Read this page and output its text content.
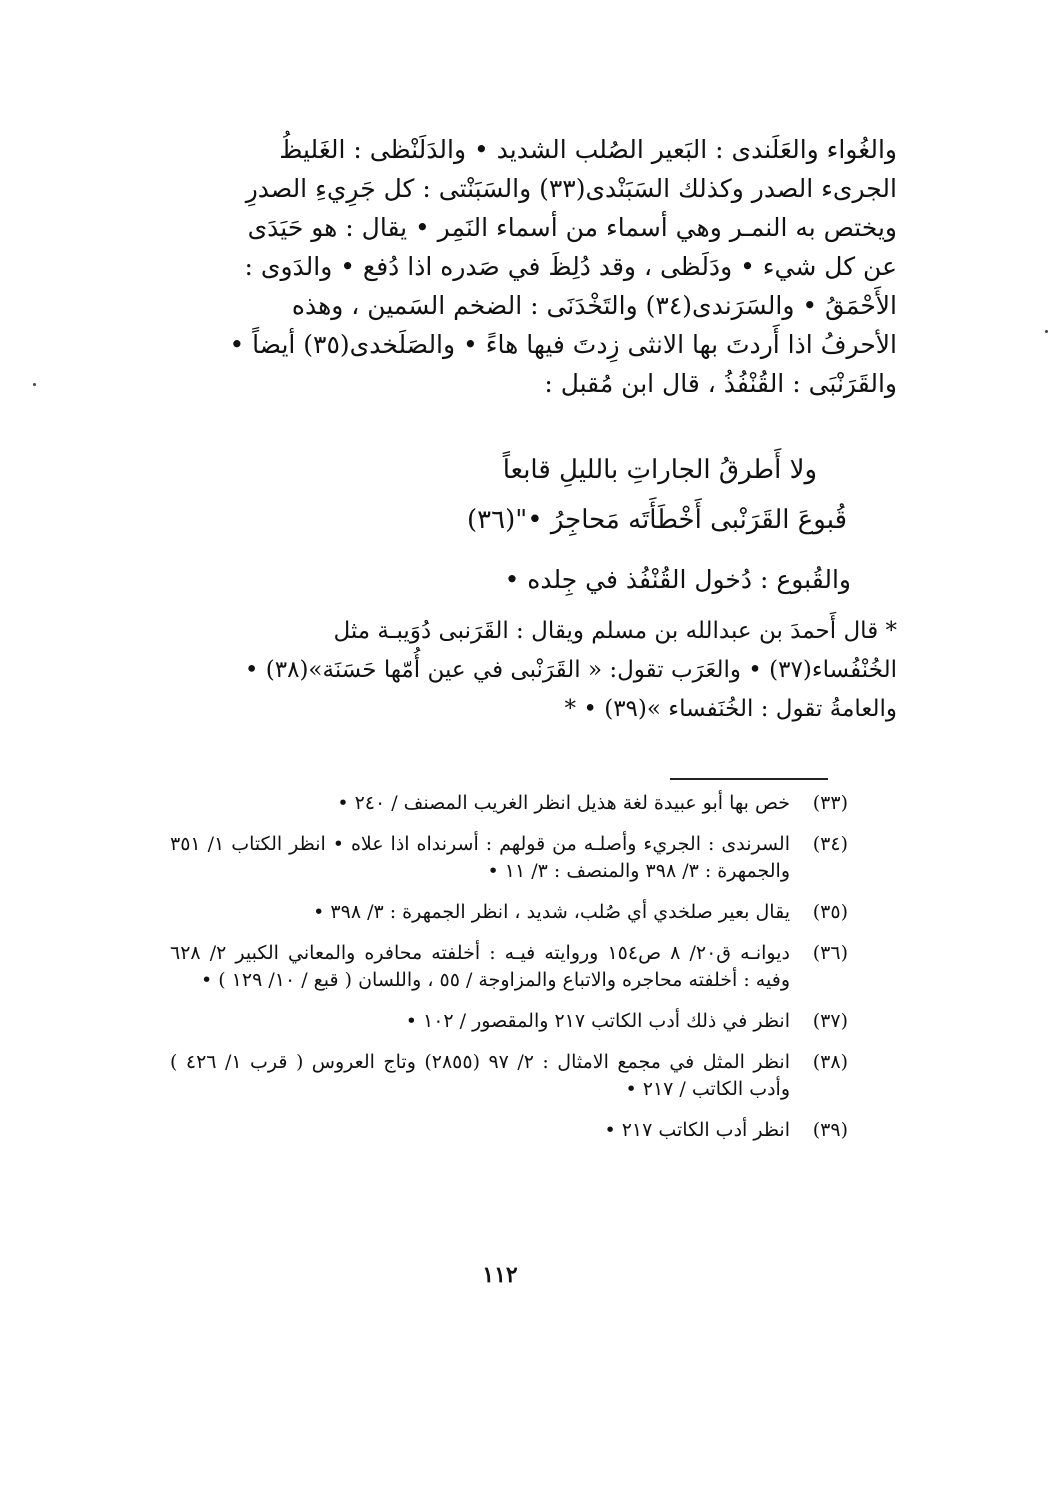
والغُواء والعَلَندى : البَعير الصُلب الشديد • والدَلَنْظى : الغَليظُ

الجرىء الصدر وكذلك السَبَنْدى(٣٣) والسَبَنْتى : كل جَرِيءِ الصدرِ

ويختص به النمـر وهي أسماء من أسماء النَمِر • يقال : هو حَيَدَى

عن كل شيء • ودَلَظى ، وقد دُلِظَ في صَدره اذا دُفع • والدَوى :

الأَحْمَقُ • والسَرَندى(٣٤) والتَخْدَنَى : الضخم السَمين ، وهذه

الأحرفُ اذا أَردتَ بها الانثى زِدتَ فيها هاءً • والصَلَخدى(٣٥) أيضاً •

والقَرَنْبَى : القُنْفُذُ ، قال ابن مُقبل :

ولا أَطرقُ الجاراتِ بالليلِ قابعاً
قُبوعَ القَرَنْبى أَخْطَأَتَه مَحاجِرُ •"(٣٦)
والقُبوع : دُخول القُنْفُذ في جِلده •

* قال أَحمدَ بن عبدالله بن مسلم ويقال : القَرَنبى دُوَيبـة مثل

الخُنْفُساء(٣٧) • والعَرَب تقول: « القَرَنْبى في عين أُمّها حَسَنَة»(٣٨) •

والعامةُ تقول : الخُنَفساء »(٣٩) • *

(٣٣)
خص بها أبو عبيدة لغة هذيل انظر الغريب المصنف / ٢٤٠ •
(٣٤)
السرندى : الجريء وأصلـه من قولهم : أسرنداه اذا علاه • انظر الكتاب ١/ ٣٥١ والجمهرة : ٣/ ٣٩٨ والمنصف : ٣/ ١١ •
(٣٥)
يقال بعير صلخدي أي صُلب، شديد ، انظر الجمهرة : ٣/ ٣٩٨ •
(٣٦)
ديوانـه ق٢٠/ ٨ ص١٥٤ وروايته فيـه : أخلفته محافره والمعاني الكبير ٢/ ٦٢٨ وفيه : أخلفته محاجره والاتباع والمزاوجة / ٥٥ ، واللسان ( قبع / ١٠/ ١٢٩ ) •
(٣٧)
انظر في ذلك أدب الكاتب ٢١٧ والمقصور / ١٠٢ •
(٣٨)
انظر المثل في مجمع الامثال : ٢/ ٩٧ (٢٨٥٥) وتاج العروس ( قرب ١/ ٤٢٦ ) وأدب الكاتب / ٢١٧ •
(٣٩)
انظر أدب الكاتب ٢١٧ •
١١٢
